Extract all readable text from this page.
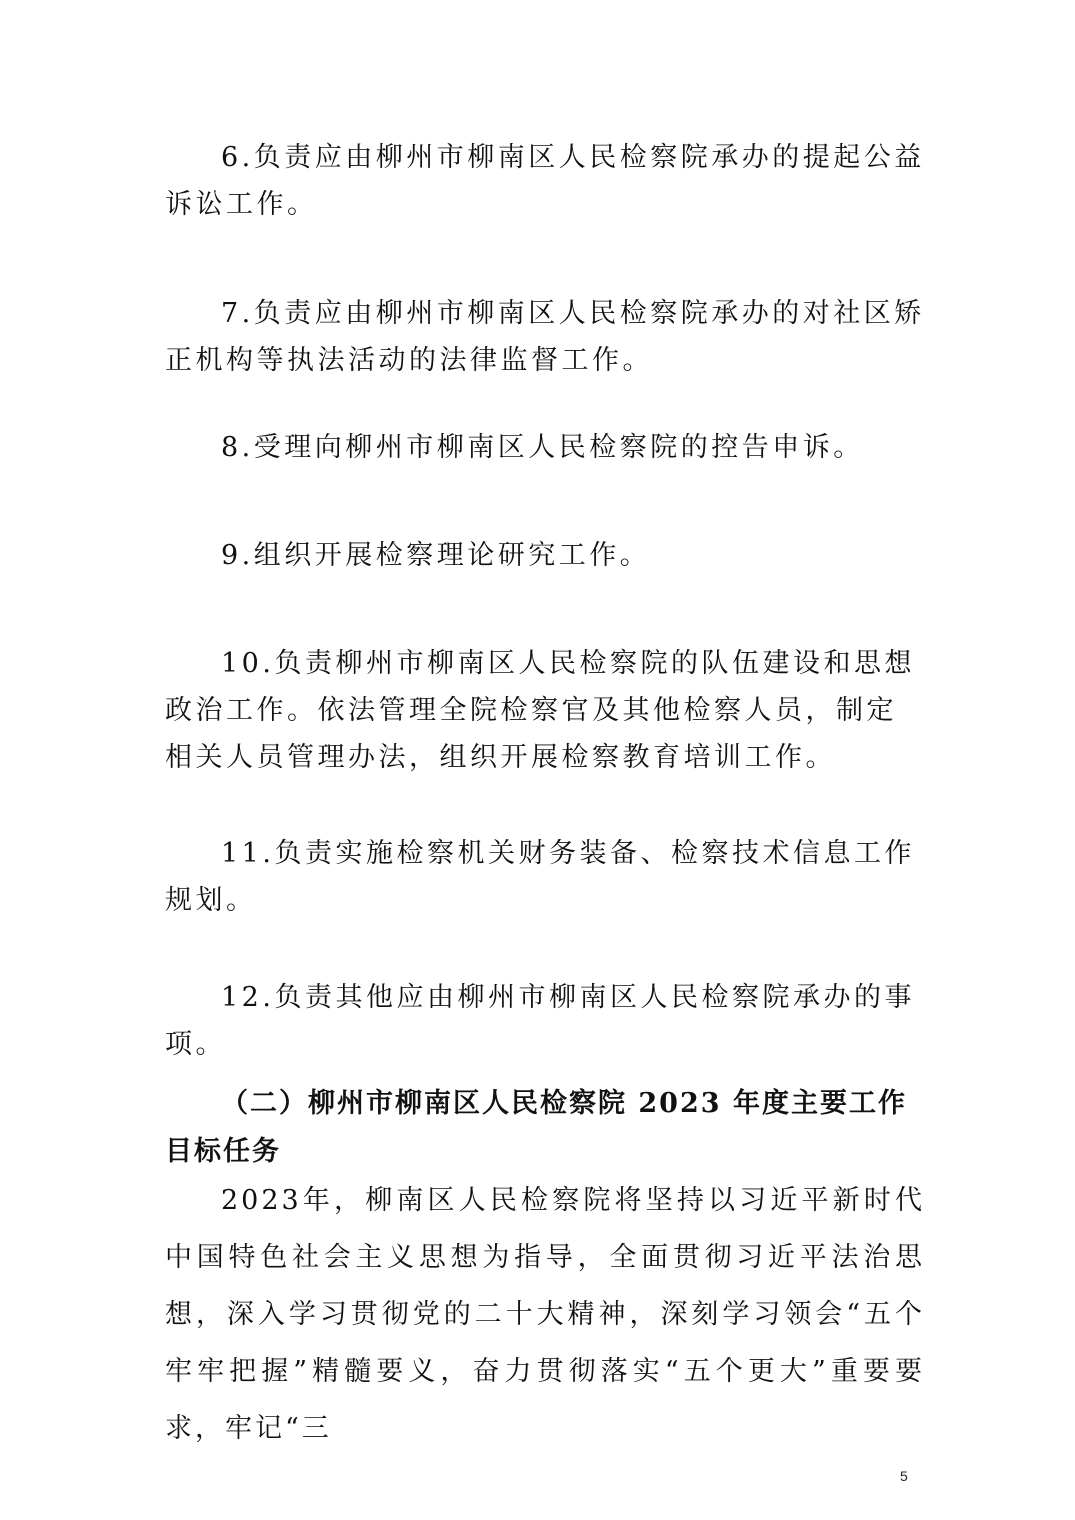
6.负责应由柳州市柳南区人民检察院承办的提起公益诉讼工作。

7.负责应由柳州市柳南区人民检察院承办的对社区矫正机构等执法活动的法律监督工作。

8.受理向柳州市柳南区人民检察院的控告申诉。

9.组织开展检察理论研究工作。

10.负责柳州市柳南区人民检察院的队伍建设和思想政治工作。依法管理全院检察官及其他检察人员，制定相关人员管理办法，组织开展检察教育培训工作。

11.负责实施检察机关财务装备、检察技术信息工作规划。

12.负责其他应由柳州市柳南区人民检察院承办的事项。

（二）柳州市柳南区人民检察院 2023 年度主要工作目标任务

2023年，柳南区人民检察院将坚持以习近平新时代中国特色社会主义思想为指导，全面贯彻习近平法治思想，深入学习贯彻党的二十大精神，深刻学习领会“五个牢牢把握”精髓要义，奋力贯彻落实“五个更大”重要要求，牢记“三

5
